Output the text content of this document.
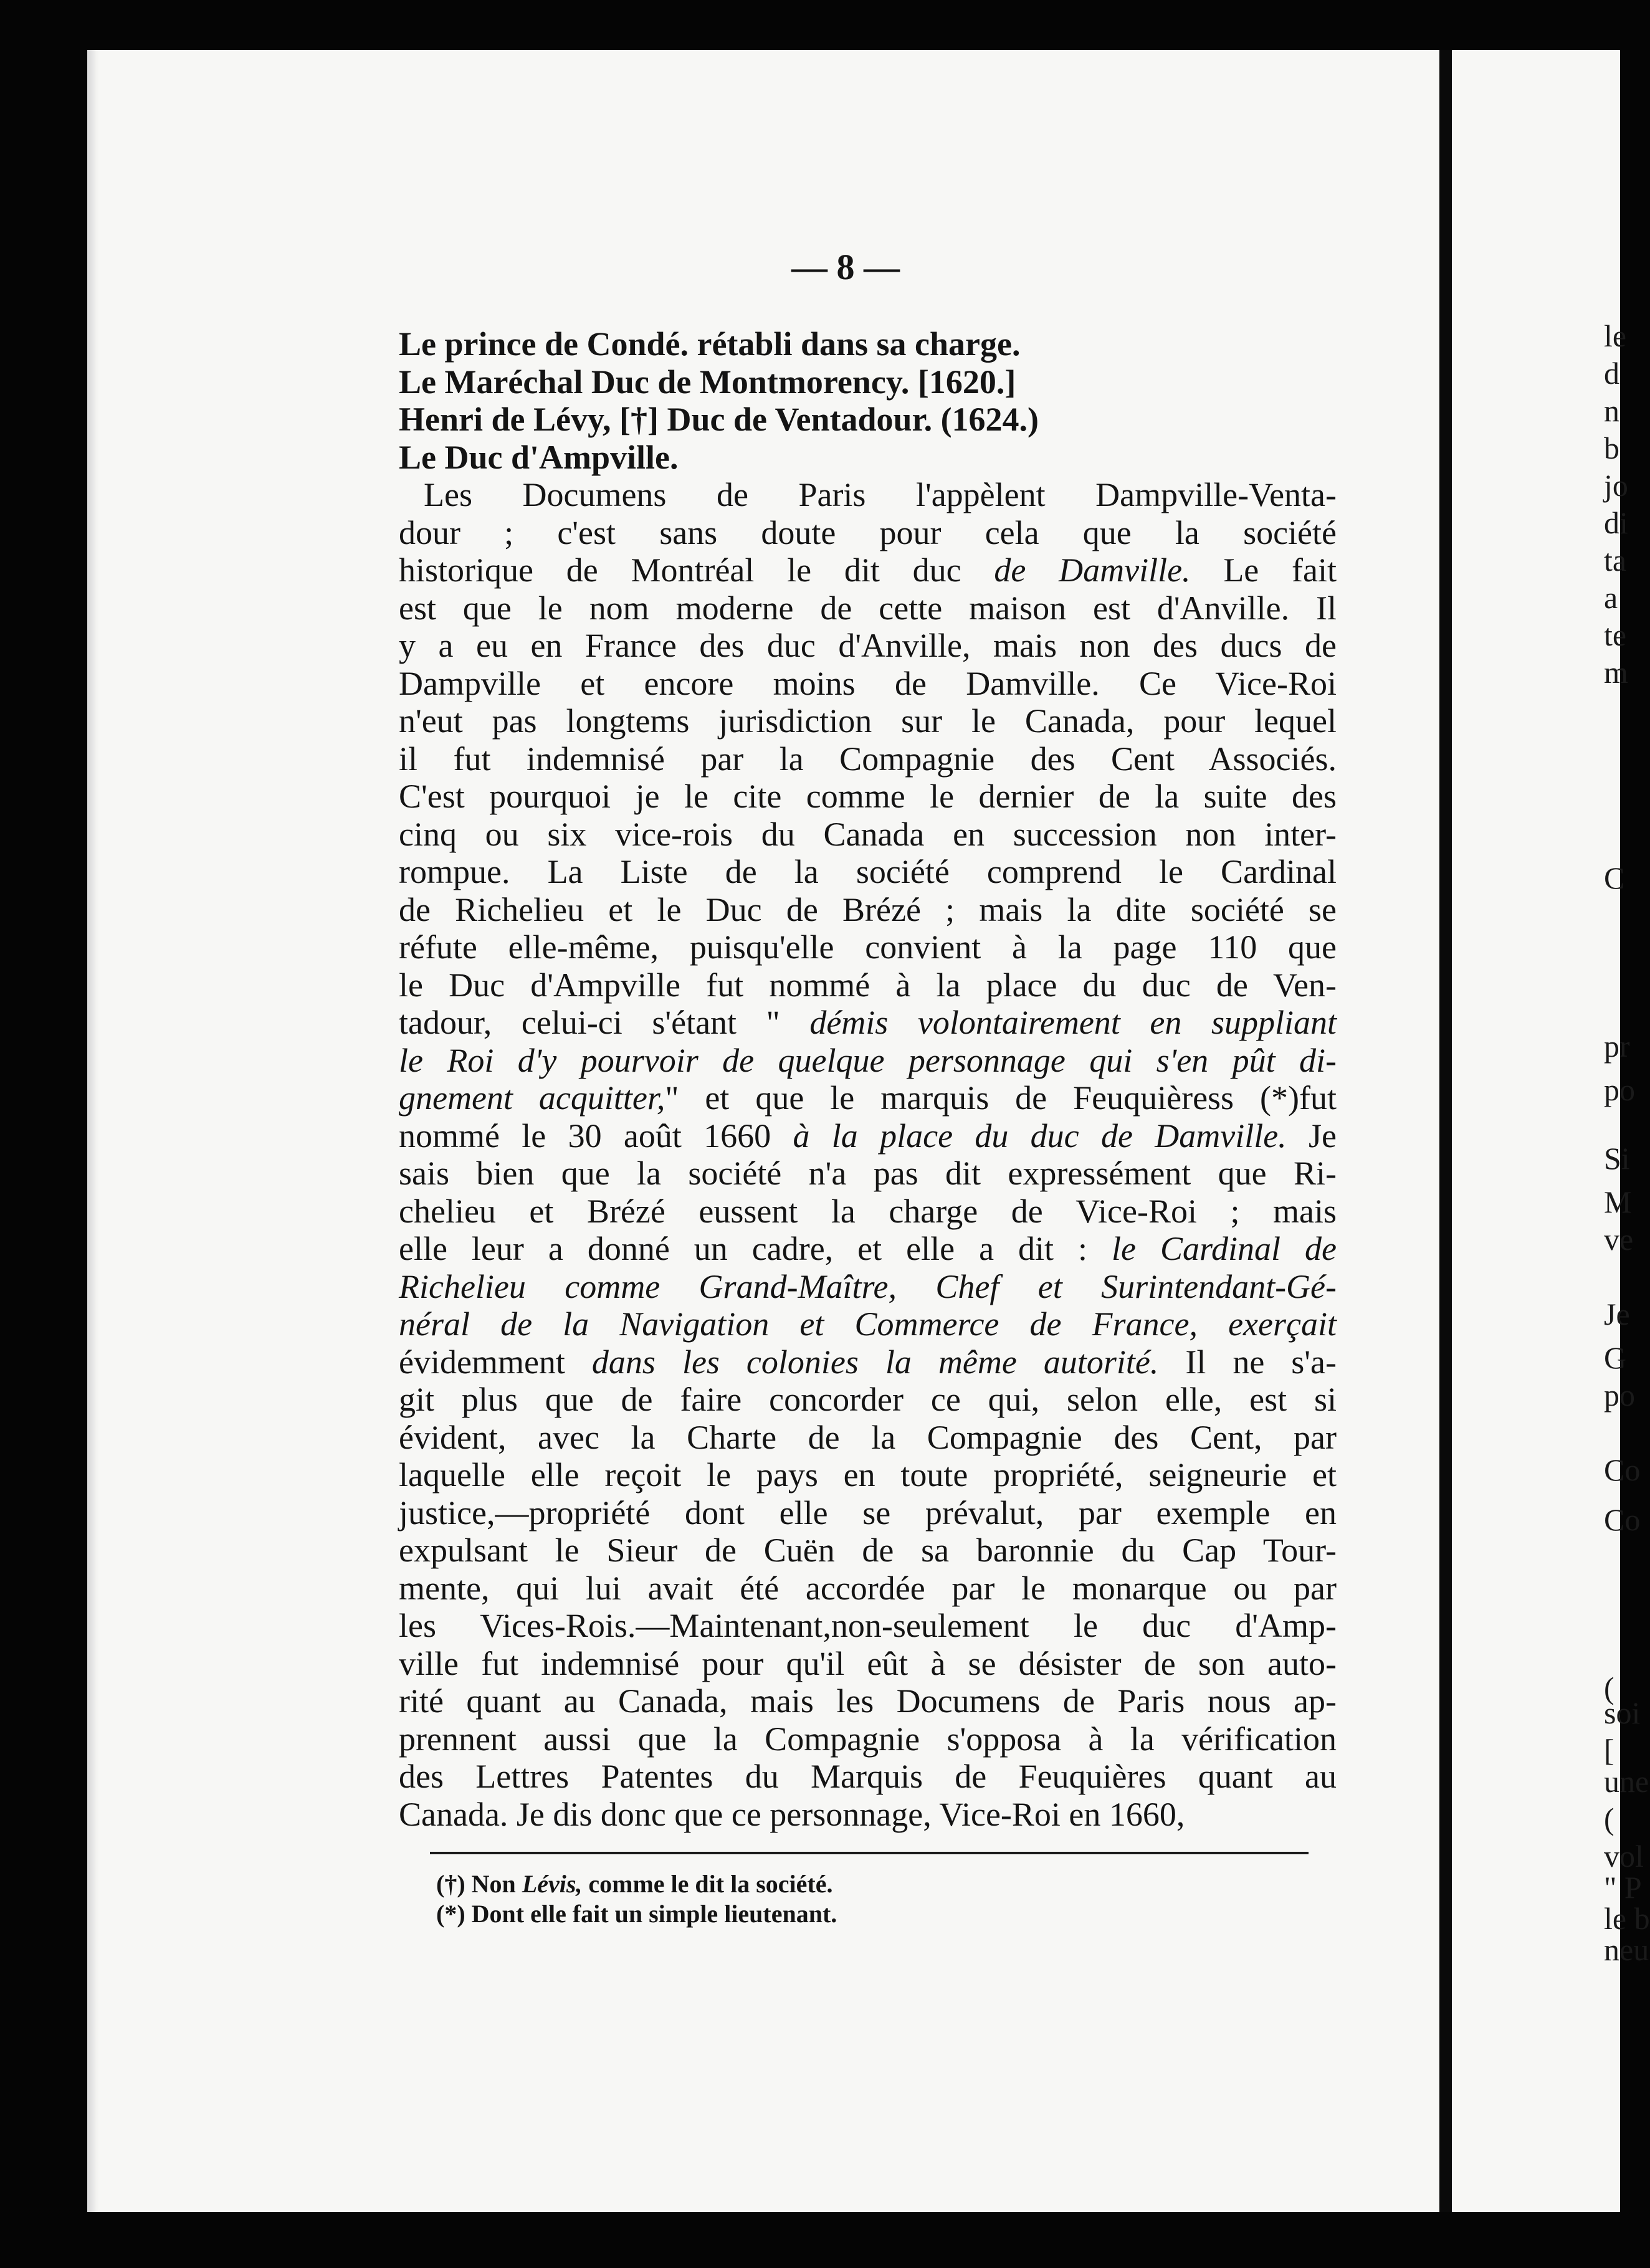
— 8 —
Le prince de Condé. rétabli dans sa charge.
Le Maréchal Duc de Montmorency. [1620.]
Henri de Lévy, [†] Duc de Ventadour. (1624.)
Le Duc d'Ampville.
Les Documens de Paris l'appèlent Dampville-Venta-
dour ; c'est sans doute pour cela que la société
historique de Montréal le dit duc de Damville. Le fait
est que le nom moderne de cette maison est d'Anville. Il
y a eu en France des duc d'Anville, mais non des ducs de
Dampville et encore moins de Damville. Ce Vice-Roi
n'eut pas longtems jurisdiction sur le Canada, pour lequel
il fut indemnisé par la Compagnie des Cent Associés.
C'est pourquoi je le cite comme le dernier de la suite des
cinq ou six vice-rois du Canada en succession non inter-
rompue. La Liste de la société comprend le Cardinal
de Richelieu et le Duc de Brézé ; mais la dite société se
réfute elle-même, puisqu'elle convient à la page 110 que
le Duc d'Ampville fut nommé à la place du duc de Ven-
tadour, celui-ci s'étant " démis volontairement en suppliant
le Roi d'y pourvoir de quelque personnage qui s'en pût di-
gnement acquitter," et que le marquis de Feuquièress (*)fut
nommé le 30 août 1660 à la place du duc de Damville. Je
sais bien que la société n'a pas dit expressément que Ri-
chelieu et Brézé eussent la charge de Vice-Roi ; mais
elle leur a donné un cadre, et elle a dit : le Cardinal de
Richelieu comme Grand-Maître, Chef et Surintendant-Gé-
néral de la Navigation et Commerce de France, exerçait
évidemment dans les colonies la même autorité. Il ne s'a-
git plus que de faire concorder ce qui, selon elle, est si
évident, avec la Charte de la Compagnie des Cent, par
laquelle elle reçoit le pays en toute propriété, seigneurie et
justice,—propriété dont elle se prévalut, par exemple en
expulsant le Sieur de Cuën de sa baronnie du Cap Tour-
mente, qui lui avait été accordée par le monarque ou par
les Vices-Rois.—Maintenant,non-seulement le duc d'Amp-
ville fut indemnisé pour qu'il eût à se désister de son auto-
rité quant au Canada, mais les Documens de Paris nous ap-
prennent aussi que la Compagnie s'opposa à la vérification
des Lettres Patentes du Marquis de Feuquières quant au
Canada. Je dis donc que ce personnage, Vice-Roi en 1660,
(†) Non Lévis, comme le dit la société.
(*) Dont elle fait un simple lieutenant.
le
d
n
b
jo
di
ta
a
te
m
C
pr
po
Si
M
ve
Je
G
po
Co
Co
(
soi
[
une
(
vol
" P
le b
neu
